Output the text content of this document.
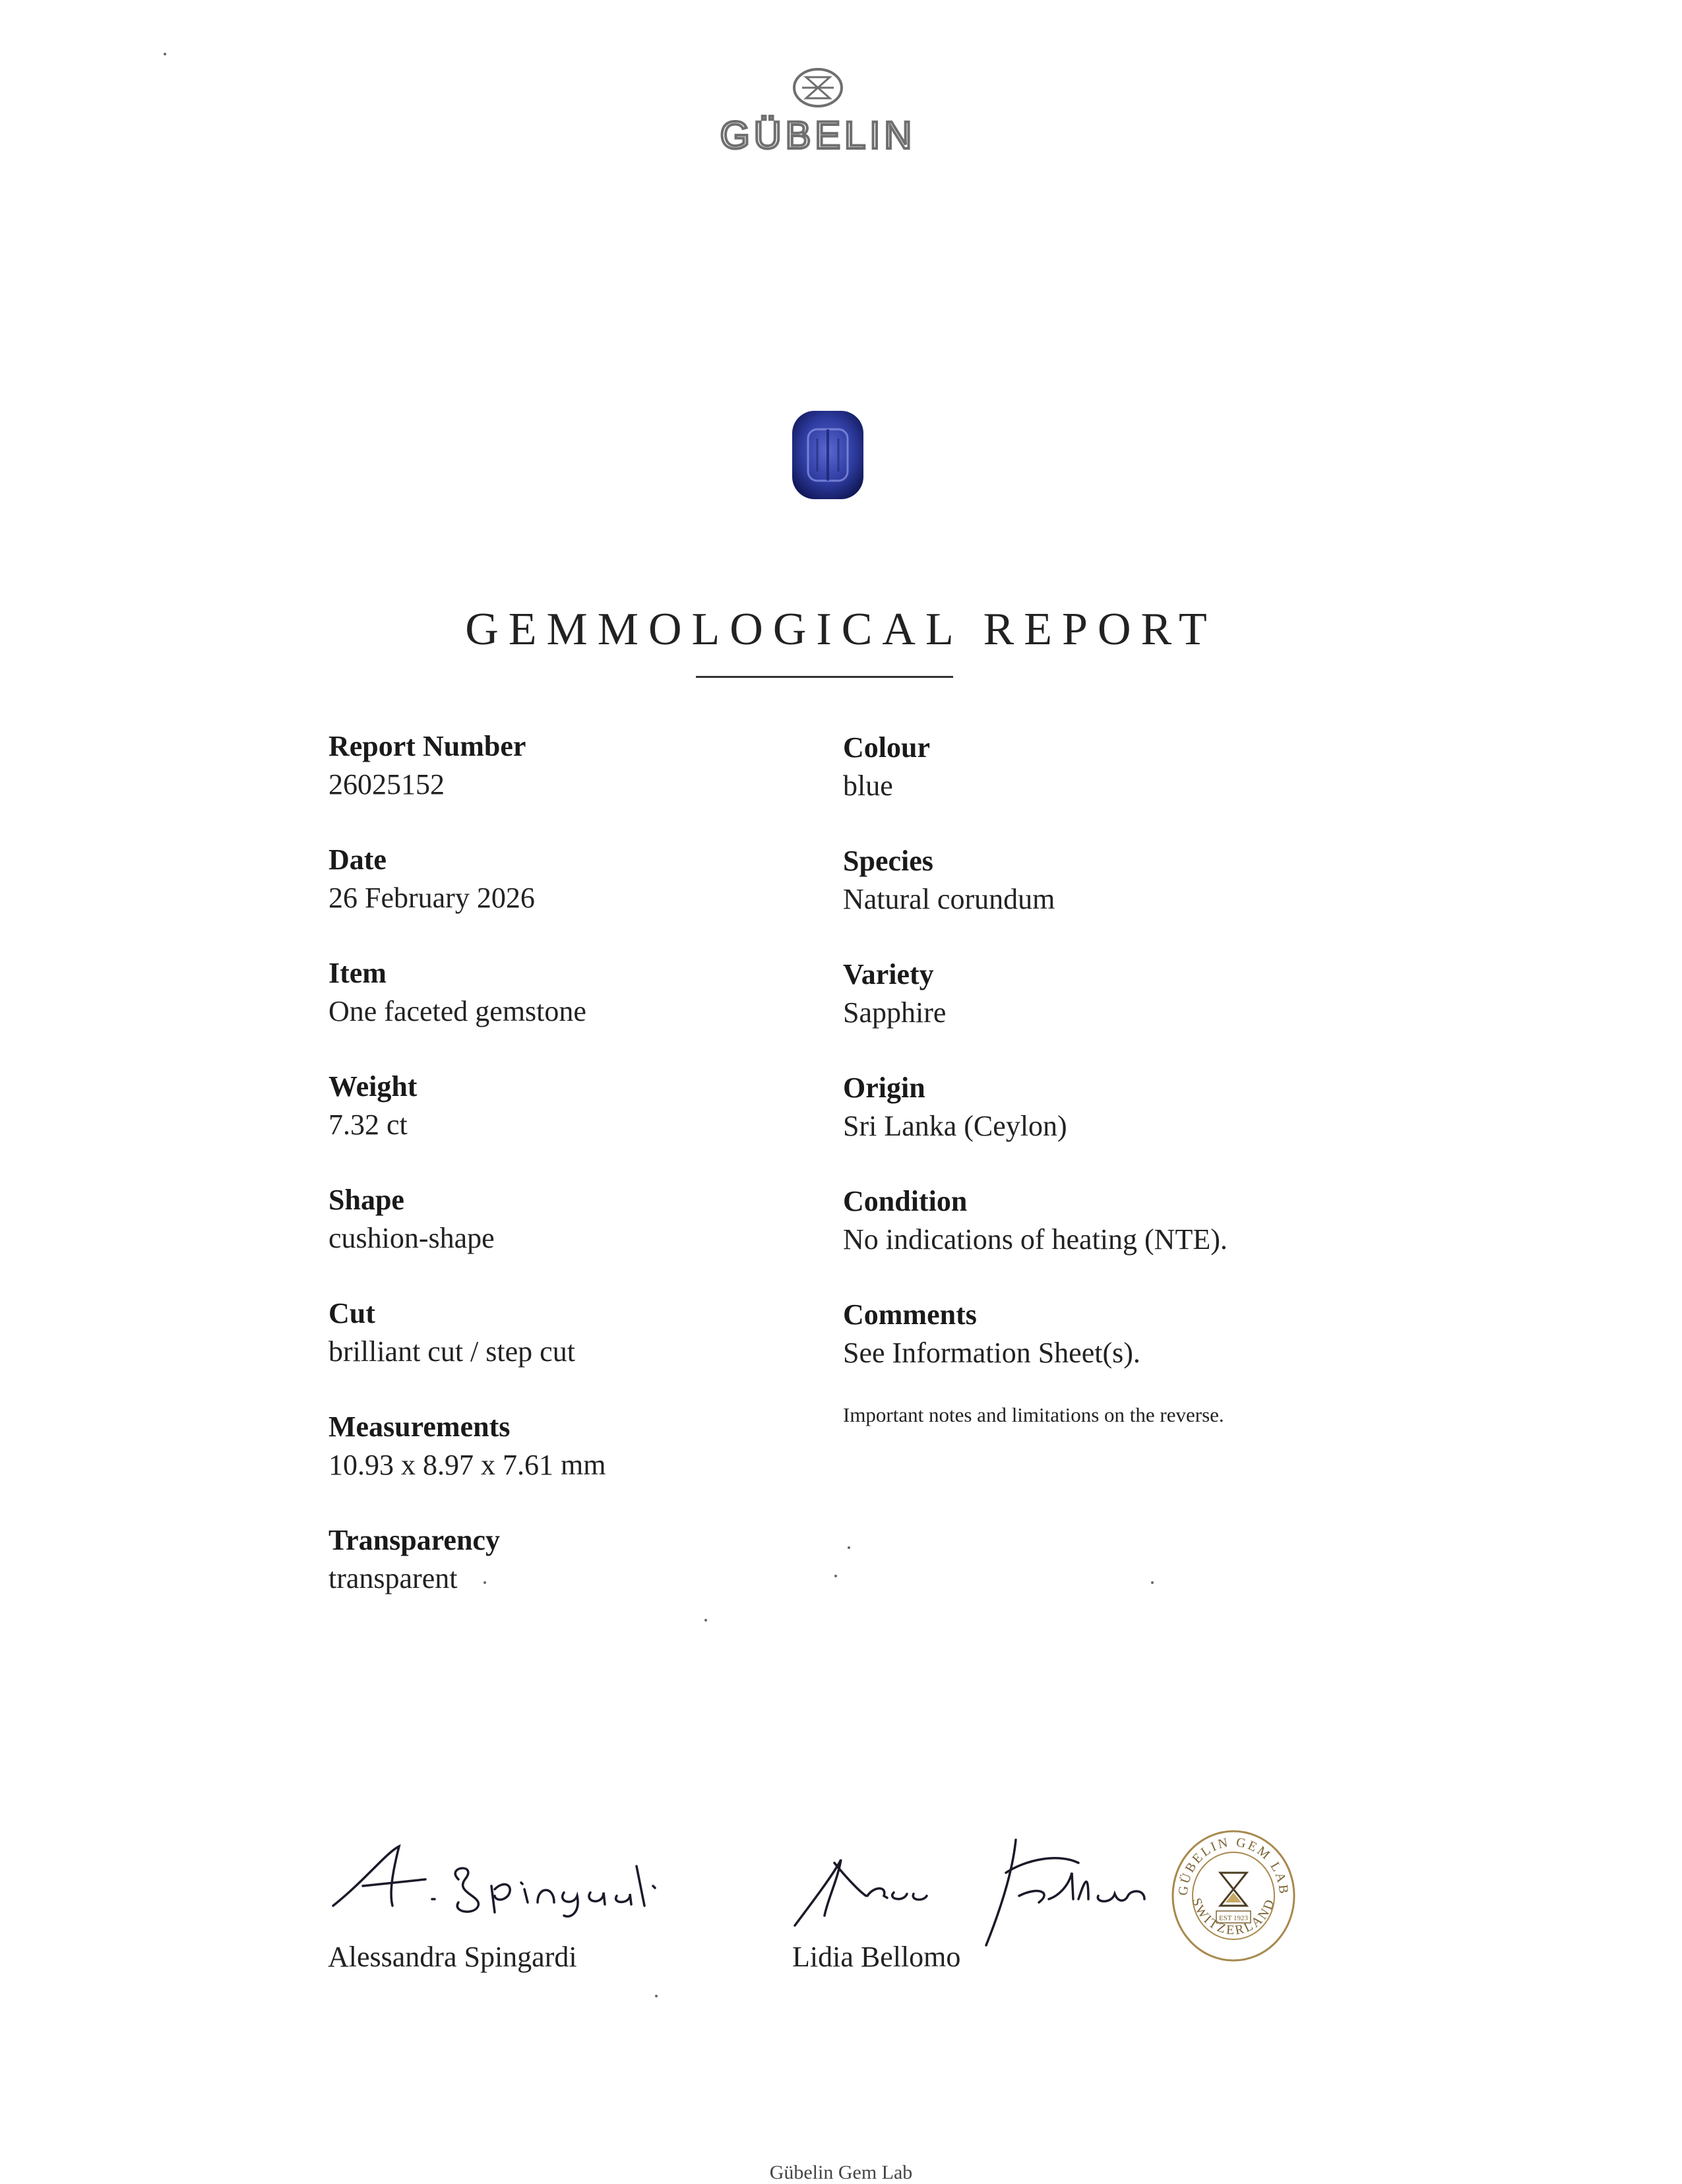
GÜBELIN
GEMMOLOGICAL REPORT
Report Number
26025152
Date
26 February 2026
Item
One faceted gemstone
Weight
7.32 ct
Shape
cushion-shape
Cut
brilliant cut / step cut
Measurements
10.93 x 8.97 x 7.61 mm
Transparency
transparent
Colour
blue
Species
Natural corundum
Variety
Sapphire
Origin
Sri Lanka (Ceylon)
Condition
No indications of heating (NTE).
Comments
See Information Sheet(s).
Important notes and limitations on the reverse.
Alessandra Spingardi	Lidia Bellomo
GÜBELIN GEM LAB
SWITZERLAND
EST 1923
Gübelin Gem Lab
